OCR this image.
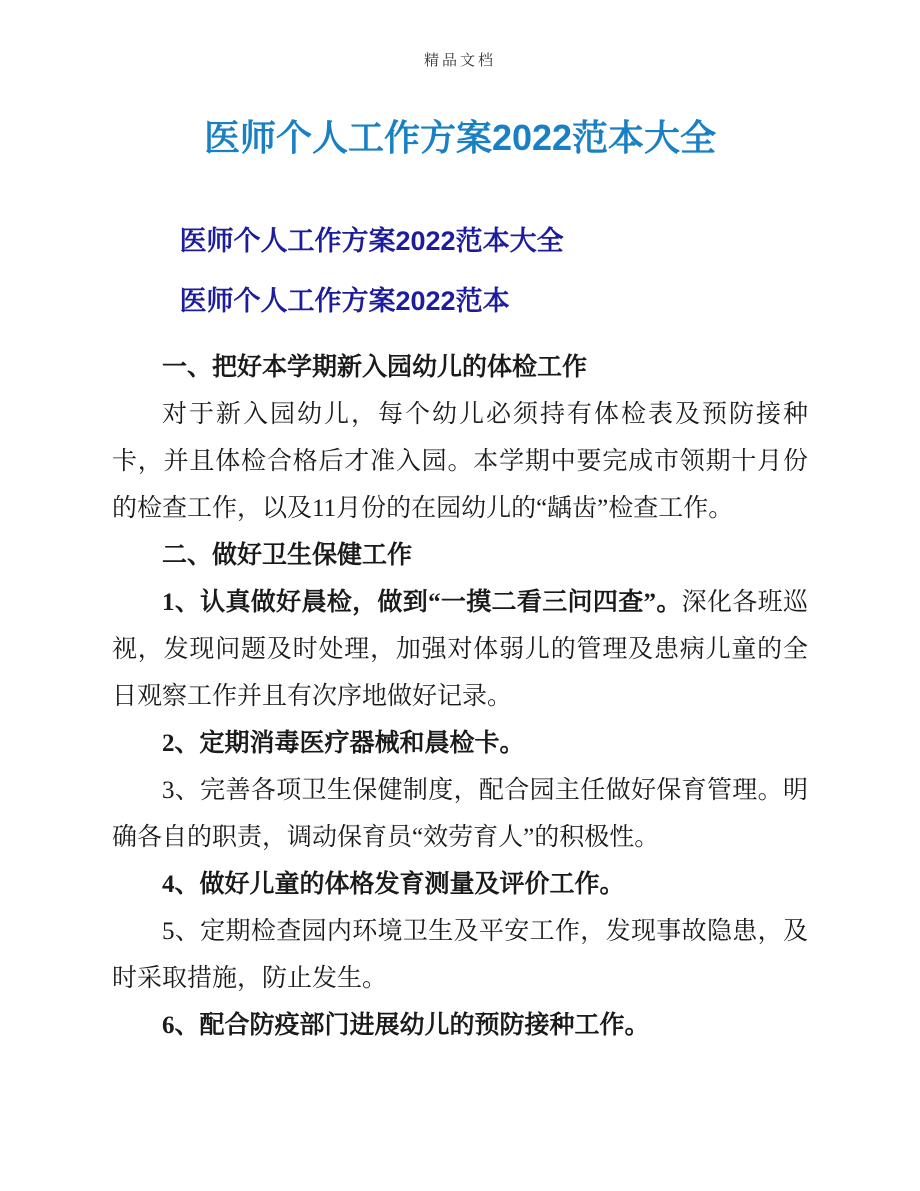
精品文档
医师个人工作方案2022范本大全

医师个人工作方案2022范本大全

医师个人工作方案2022范本

一、把好本学期新入园幼儿的体检工作

对于新入园幼儿，每个幼儿必须持有体检表及预防接种卡，并且体检合格后才准入园。本学期中要完成市领期十月份的检查工作，以及11月份的在园幼儿的“龋齿”检查工作。

二、做好卫生保健工作

1、认真做好晨检，做到“一摸二看三问四查”。深化各班巡视，发现问题及时处理，加强对体弱儿的管理及患病儿童的全日观察工作并且有次序地做好记录。

2、定期消毒医疗器械和晨检卡。

3、完善各项卫生保健制度，配合园主任做好保育管理。明确各自的职责，调动保育员“效劳育人”的积极性。

4、做好儿童的体格发育测量及评价工作。

5、定期检查园内环境卫生及平安工作，发现事故隐患，及时采取措施，防止发生。

6、配合防疫部门进展幼儿的预防接种工作。
